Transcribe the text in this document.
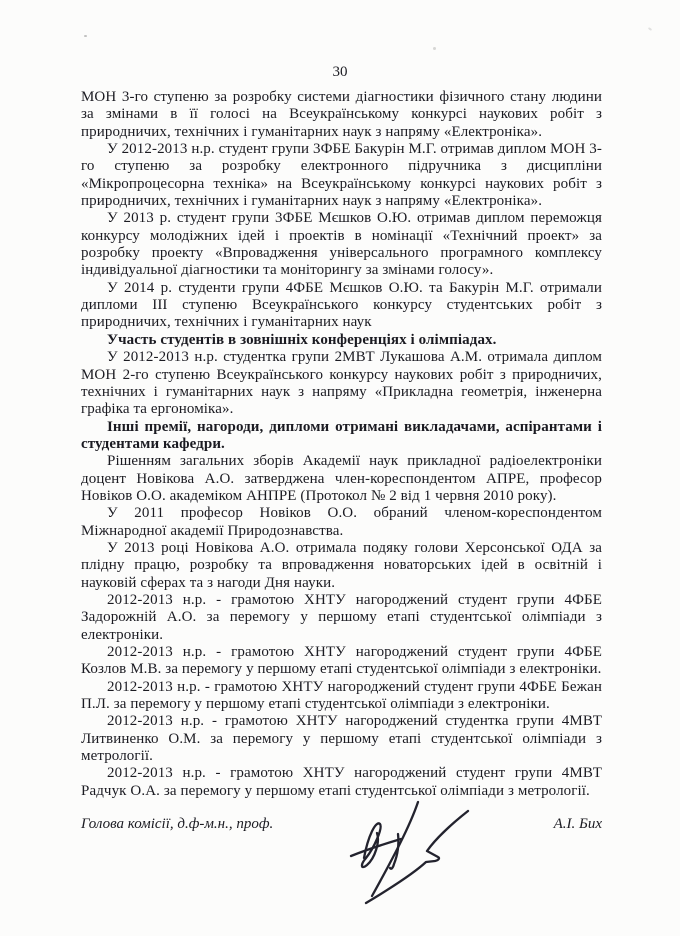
30

МОН 3-го ступеню за розробку системи діагностики фізичного стану людини за змінами в її голосі на Всеукраїнському конкурсі наукових робіт з природничих, технічних і гуманітарних наук з напряму «Електроніка».

У 2012-2013 н.р. студент групи 3ФБЕ Бакурін М.Г. отримав диплом МОН 3-го ступеню за розробку електронного підручника з дисципліни «Мікропроцесорна техніка» на Всеукраїнському конкурсі наукових робіт з природничих, технічних і гуманітарних наук з напряму «Електроніка».

У 2013 р. студент групи 3ФБЕ Мєшков О.Ю. отримав диплом переможця конкурсу молодіжних ідей і проектів в номінації «Технічний проект» за розробку проекту «Впровадження універсального програмного комплексу індивідуальної діагностики та моніторингу за змінами голосу».

У 2014 р. студенти групи 4ФБЕ Мєшков О.Ю. та Бакурін М.Г. отримали дипломи III ступеню Всеукраїнського конкурсу студентських робіт з природничих, технічних і гуманітарних наук

Участь студентів в зовнішніх конференціях і олімпіадах.

У 2012-2013 н.р. студентка групи 2МВТ Лукашова А.М. отримала диплом МОН 2-го ступеню Всеукраїнського конкурсу наукових робіт з природничих, технічних і гуманітарних наук з напряму «Прикладна геометрія, інженерна графіка та ергономіка».

Інші премії, нагороди, дипломи отримані викладачами, аспірантами і студентами кафедри.

Рішенням загальних зборів Академії наук прикладної радіоелектроніки доцент Новікова А.О. затверджена член-кореспондентом АПРЕ, професор Новіков О.О. академіком АНПРЕ (Протокол № 2 від 1 червня 2010 року).

У 2011 професор Новіков О.О. обраний членом-кореспондентом Міжнародної академії Природознавства.

У 2013 році Новікова А.О. отримала подяку голови Херсонської ОДА за плідну працю, розробку та впровадження новаторських ідей в освітній і науковій сферах та з нагоди Дня науки.

2012-2013 н.р. - грамотою ХНТУ нагороджений студент групи 4ФБЕ Задорожній А.О. за перемогу у першому етапі студентської олімпіади з електроніки.

2012-2013 н.р. - грамотою ХНТУ нагороджений студент групи 4ФБЕ Козлов М.В. за перемогу у першому етапі студентської олімпіади з електроніки.

2012-2013 н.р. - грамотою ХНТУ нагороджений студент групи 4ФБЕ Бежан П.Л. за перемогу у першому етапі студентської олімпіади з електроніки.

2012-2013 н.р. - грамотою ХНТУ нагороджений студентка групи 4МВТ Литвиненко О.М. за перемогу у першому етапі студентської олімпіади з метрології.

2012-2013 н.р. - грамотою ХНТУ нагороджений студент групи 4МВТ Радчук О.А. за перемогу у першому етапі студентської олімпіади з метрології.

Голова комісії, д.ф-м.н., проф.	А.І. Бих
